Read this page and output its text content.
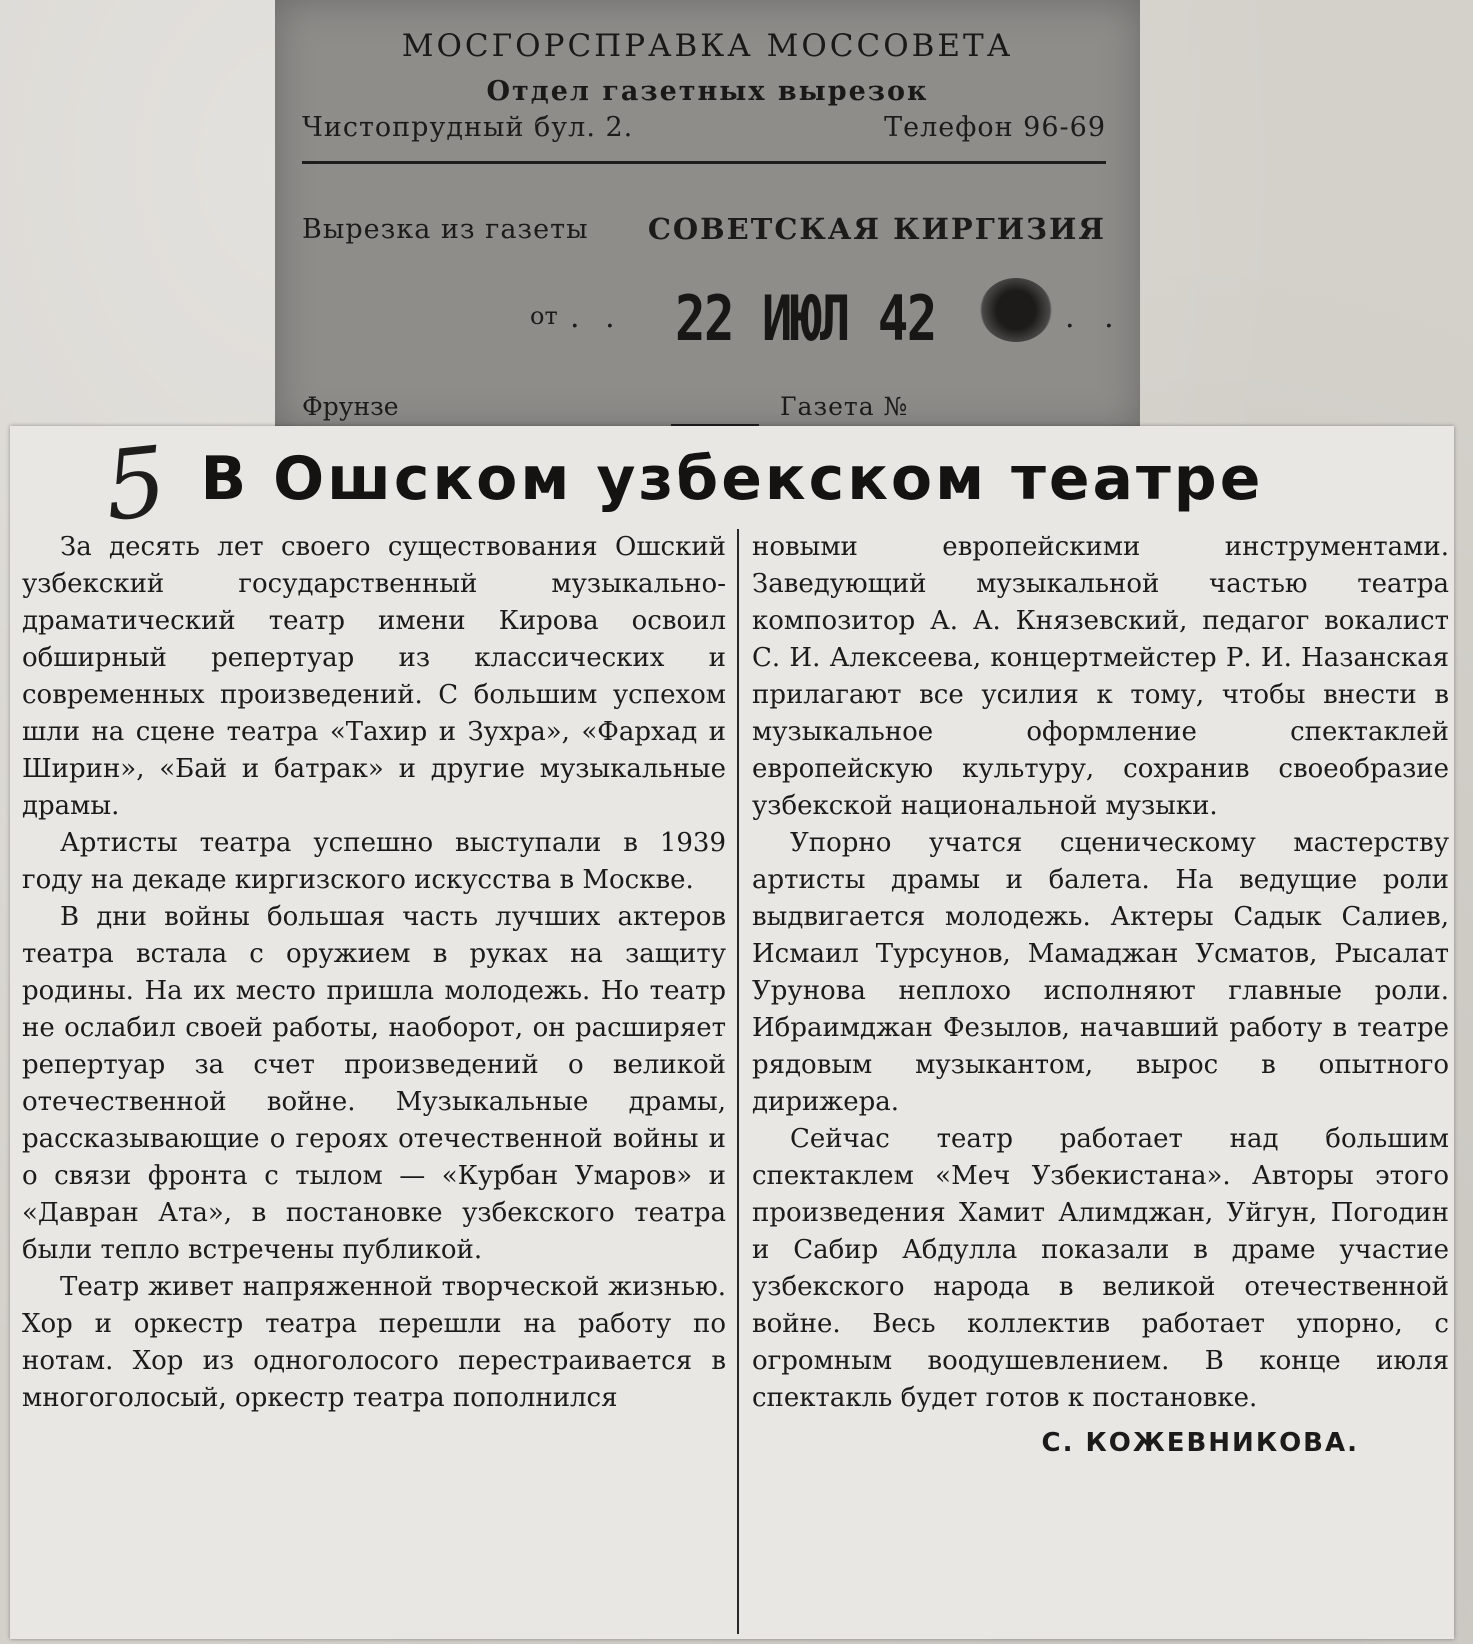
МОСГОРСПРАВКА МОССОВЕТА
Отдел газетных вырезок
Чистопрудный бул. 2.	Телефон 96-69
Вырезка из газеты СОВЕТСКАЯ КИРГИЗИЯ
от . . 22 ИЮЛ 42	. .
Фрунзе	Газета №
5 В Ошском узбекском театре

За десять лет своего существования Ошский узбекский государственный музыкально-драматический театр имени Кирова освоил обширный репертуар из классических и современных произведений. С большим успехом шли на сцене театра «Тахир и Зухра», «Фархад и Ширин», «Бай и батрак» и другие музыкальные драмы.

Артисты театра успешно выступали в 1939 году на декаде киргизского искусства в Москве.

В дни войны большая часть лучших актеров театра встала с оружием в руках на защиту родины. На их место пришла молодежь. Но театр не ослабил своей работы, наоборот, он расширяет репертуар за счет произведений о великой отечественной войне. Музыкальные драмы, рассказывающие о героях отечественной войны и о связи фронта с тылом — «Курбан Умаров» и «Давран Ата», в постановке узбекского театра были тепло встречены публикой.

Театр живет напряженной творческой жизнью. Хор и оркестр театра перешли на работу по нотам. Хор из одноголосого перестраивается в многоголосый, оркестр театра пополнился

новыми европейскими инструментами. Заведующий музыкальной частью театра композитор А. А. Князевский, педагог вокалист С. И. Алексеева, концертмейстер Р. И. Назанская прилагают все усилия к тому, чтобы внести в музыкальное оформление спектаклей европейскую культуру, сохранив своеобразие узбекской национальной музыки.

Упорно учатся сценическому мастерству артисты драмы и балета. На ведущие роли выдвигается молодежь. Актеры Садык Салиев, Исмаил Турсунов, Мамаджан Усматов, Рысалат Урунова неплохо исполняют главные роли. Ибраимджан Фезылов, начавший работу в театре рядовым музыкантом, вырос в опытного дирижера.

Сейчас театр работает над большим спектаклем «Меч Узбекистана». Авторы этого произведения Хамит Алимджан, Уйгун, Погодин и Сабир Абдулла показали в драме участие узбекского народа в великой отечественной войне. Весь коллектив работает упорно, с огромным воодушевлением. В конце июля спектакль будет готов к постановке.

С. КОЖЕВНИКОВА.
